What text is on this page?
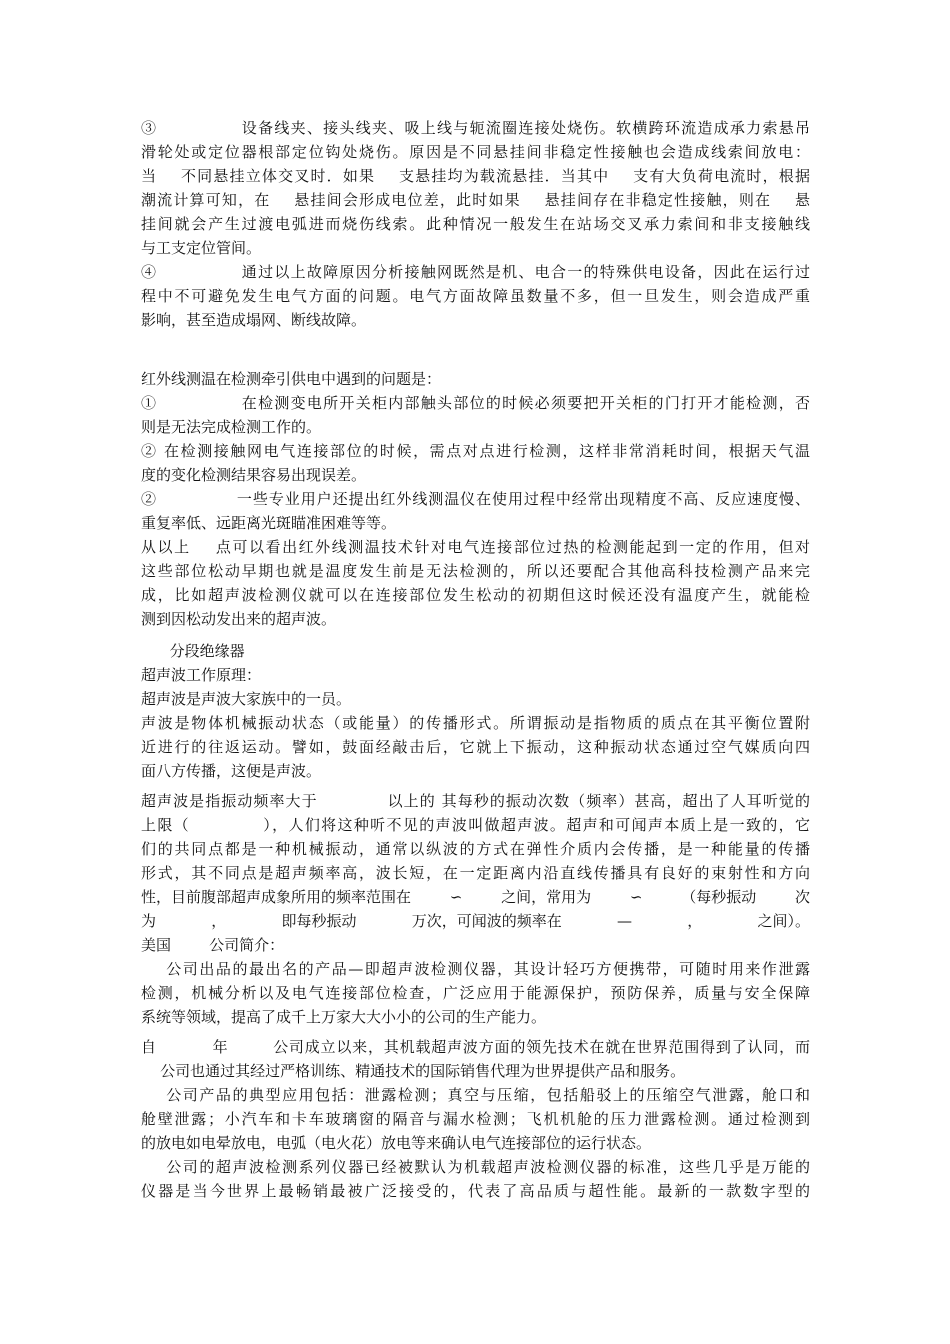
③              设备线夹、接头线夹、吸上线与轭流圈连接处烧伤。软横跨环流造成承力索悬吊
滑轮处或定位器根部定位钩处烧伤。原因是不同悬挂间非稳定性接触也会造成线索间放电：
当    不同悬挂立体交叉时．如果    支悬挂均为载流悬挂．当其中    支有大负荷电流时，根据
潮流计算可知，在    悬挂间会形成电位差，此时如果    悬挂间存在非稳定性接触，则在    悬
挂间就会产生过渡电弧进而烧伤线索。此种情况一般发生在站场交叉承力索间和非支接触线
与工支定位管间。
④              通过以上故障原因分析接触网既然是机、电合一的特殊供电设备，因此在运行过
程中不可避免发生电气方面的问题。电气方面故障虽数量不多，但一旦发生，则会造成严重
影响，甚至造成塌网、断线故障。
红外线测温在检测牵引供电中遇到的问题是：
①              在检测变电所开关柜内部触头部位的时候必须要把开关柜的门打开才能检测，否
则是无法完成检测工作的。
② 在检测接触网电气连接部位的时候，需点对点进行检测，这样非常消耗时间，根据天气温
度的变化检测结果容易出现误差。
②              一些专业用户还提出红外线测温仪在使用过程中经常出现精度不高、反应速度慢、
重复率低、远距离光斑瞄准困难等等。
从以上    点可以看出红外线测温技术针对电气连接部位过热的检测能起到一定的作用，但对
这些部位松动早期也就是温度发生前是无法检测的，所以还要配合其他高科技检测产品来完
成，比如超声波检测仪就可以在连接部位发生松动的初期但这时候还没有温度产生，就能检
测到因松动发出来的超声波。
分段绝缘器
超声波工作原理：
超声波是声波大家族中的一员。
声波是物体机械振动状态（或能量）的传播形式。所谓振动是指物质的质点在其平衡位置附
近进行的往返运动。譬如，鼓面经敲击后，它就上下振动，这种振动状态通过空气媒质向四
面八方传播，这便是声波。
超声波是指振动频率大于            以上的 其每秒的振动次数（频率）甚高，超出了人耳听觉的
上限（            ），人们将这种听不见的声波叫做超声波。超声和可闻声本质上是一致的，它
们的共同点都是一种机械振动，通常以纵波的方式在弹性介质内会传播，是一种能量的传播
形式，其不同点是超声频率高，波长短，在一定距离内沿直线传播具有良好的束射性和方向
性，目前腹部超声成象所用的频率范围在	∽	之间，常用为	∽	（每秒振动	次
为	，	即每秒振动	万次，可闻波的频率在	—	，	之间）。
美国        公司简介：
公司出品的最出名的产品—即超声波检测仪器，其设计轻巧方便携带，可随时用来作泄露
检测，机械分析以及电气连接部位检查，广泛应用于能源保护，预防保养，质量与安全保障
系统等领域，提高了成千上万家大大小小的公司的生产能力。
自          年        公司成立以来，其机载超声波方面的领先技术在就在世界范围得到了认同，而
公司也通过其经过严格训练、精通技术的国际销售代理为世界提供产品和服务。
公司产品的典型应用包括：泄露检测；真空与压缩，包括船驳上的压缩空气泄露，舱口和
舱壁泄露；小汽车和卡车玻璃窗的隔音与漏水检测；飞机机舱的压力泄露检测。通过检测到
的放电如电晕放电，电弧（电火花）放电等来确认电气连接部位的运行状态。
公司的超声波检测系列仪器已经被默认为机载超声波检测仪器的标准，这些几乎是万能的
仪器是当今世界上最畅销最被广泛接受的，代表了高品质与超性能。最新的一款数字型的
